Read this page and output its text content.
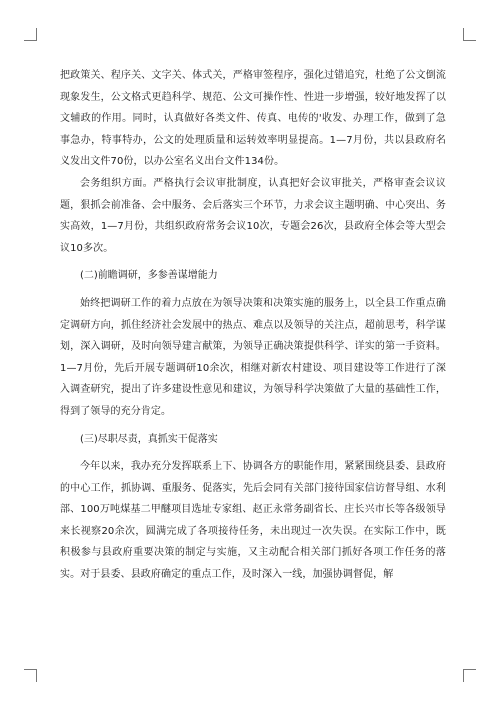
把政策关、程序关、文字关、体式关，严格审签程序，强化过错追究，杜绝了公文倒流现象发生，公文格式更趋科学、规范、公文可操作性、性进一步增强，较好地发挥了以文辅政的作用。同时，认真做好各类文件、传真、电传的'收发、办理工作，做到了急事急办，特事特办，公文的处理质量和运转效率明显提高。1—7月份，共以县政府名义发出文件70份，以办公室名义出台文件134份。

会务组织方面。严格执行会议审批制度，认真把好会议审批关，严格审查会议议题，狠抓会前准备、会中服务、会后落实三个环节，力求会议主题明确、中心突出、务实高效，1—7月份，共组织政府常务会议10次，专题会26次，县政府全体会等大型会议10多次。

(二)前瞻调研，多参善谋增能力

始终把调研工作的着力点放在为领导决策和决策实施的服务上，以全县工作重点确定调研方向，抓住经济社会发展中的热点、难点以及领导的关注点，超前思考，科学谋划，深入调研，及时向领导建言献策，为领导正确决策提供科学、详实的第一手资料。1—7月份，先后开展专题调研10余次，相继对新农村建设、项目建设等工作进行了深入调查研究，提出了许多建设性意见和建议，为领导科学决策做了大量的基础性工作，得到了领导的充分肯定。

(三)尽职尽责，真抓实干促落实

今年以来，我办充分发挥联系上下、协调各方的职能作用，紧紧围绕县委、县政府的中心工作，抓协调、重服务、促落实，先后会同有关部门接待国家信访督导组、水利部、100万吨煤基二甲醚项目选址专家组、赵正永常务副省长、庄长兴市长等各级领导来长视察20余次，圆满完成了各项接待任务，未出现过一次失误。在实际工作中，既积极参与县政府重要决策的制定与实施，又主动配合相关部门抓好各项工作任务的落实。对于县委、县政府确定的重点工作，及时深入一线，加强协调督促，解
